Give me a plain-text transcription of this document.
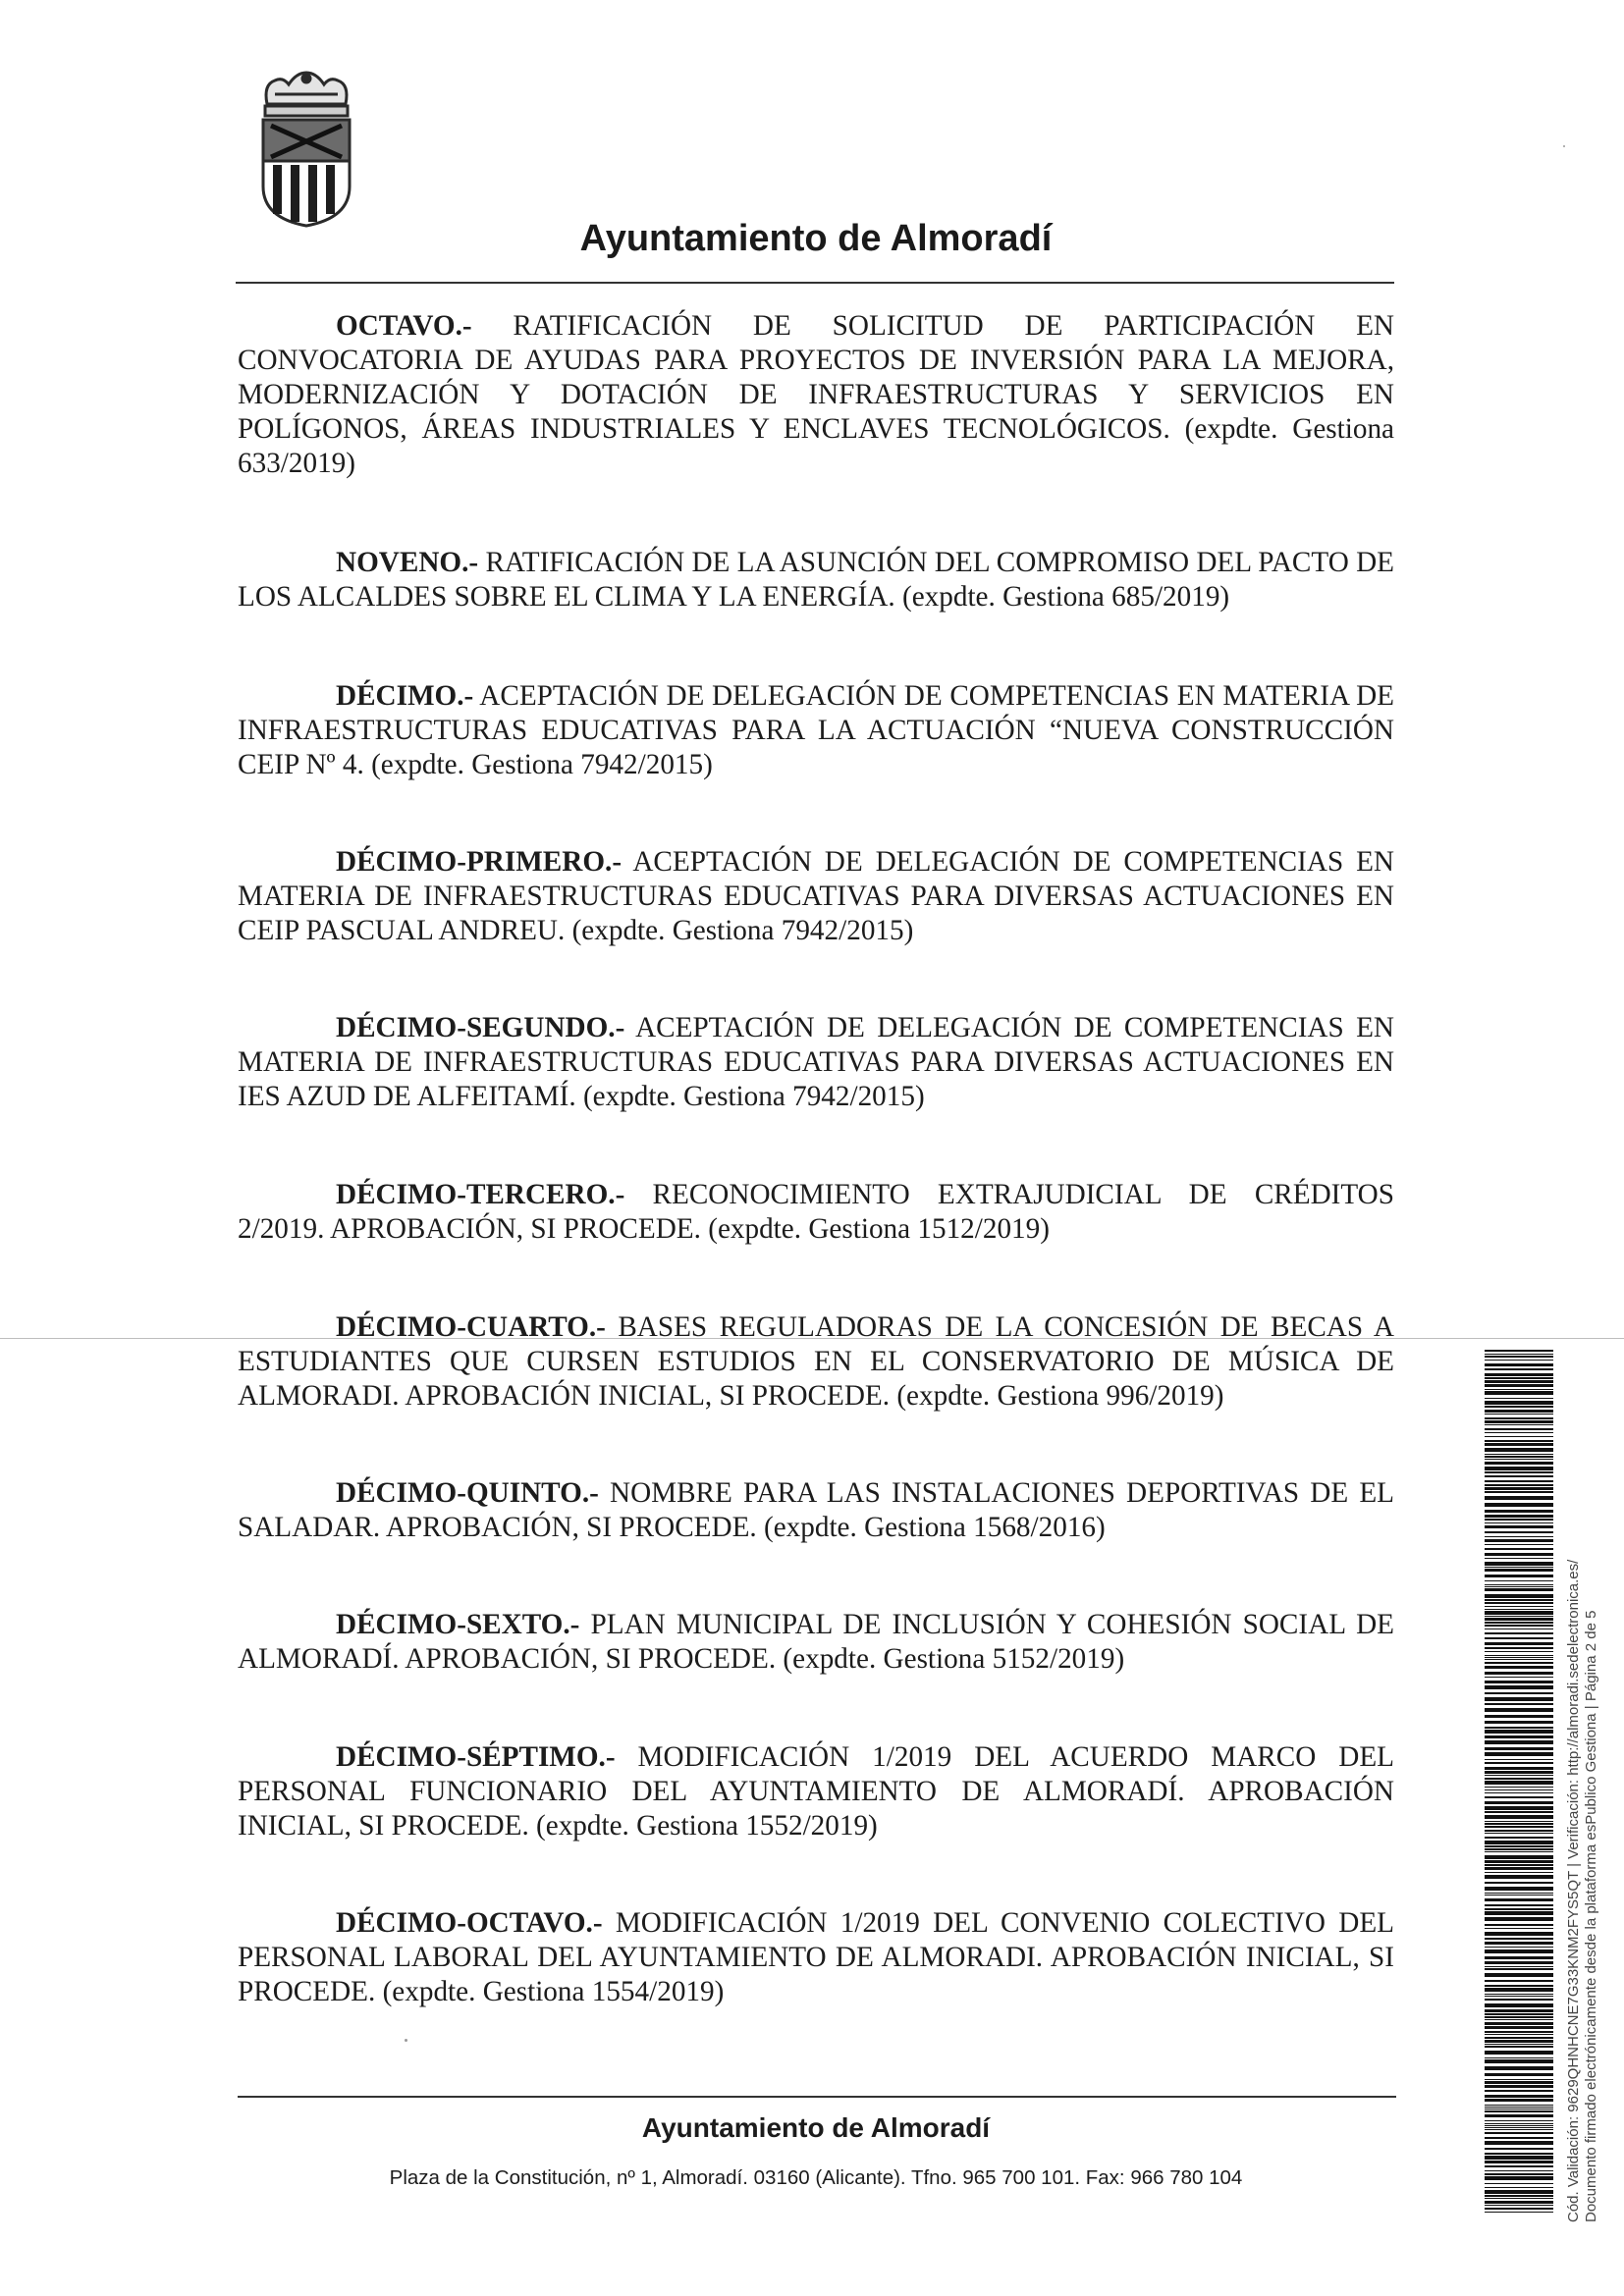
Ayuntamiento de Almoradí

OCTAVO.- RATIFICACIÓN DE SOLICITUD DE PARTICIPACIÓN EN CONVOCATORIA DE AYUDAS PARA PROYECTOS DE INVERSIÓN PARA LA MEJORA, MODERNIZACIÓN Y DOTACIÓN DE INFRAESTRUCTURAS Y SERVICIOS EN POLÍGONOS, ÁREAS INDUSTRIALES Y ENCLAVES TECNOLÓGICOS. (expdte. Gestiona 633/2019)

NOVENO.- RATIFICACIÓN DE LA ASUNCIÓN DEL COMPROMISO DEL PACTO DE LOS ALCALDES SOBRE EL CLIMA Y LA ENERGÍA. (expdte. Gestiona 685/2019)

DÉCIMO.- ACEPTACIÓN DE DELEGACIÓN DE COMPETENCIAS EN MATERIA DE INFRAESTRUCTURAS EDUCATIVAS PARA LA ACTUACIÓN “NUEVA CONSTRUCCIÓN CEIP Nº 4. (expdte. Gestiona 7942/2015)

DÉCIMO-PRIMERO.- ACEPTACIÓN DE DELEGACIÓN DE COMPETENCIAS EN MATERIA DE INFRAESTRUCTURAS EDUCATIVAS PARA DIVERSAS ACTUACIONES EN CEIP PASCUAL ANDREU. (expdte. Gestiona 7942/2015)

DÉCIMO-SEGUNDO.- ACEPTACIÓN DE DELEGACIÓN DE COMPETENCIAS EN MATERIA DE INFRAESTRUCTURAS EDUCATIVAS PARA DIVERSAS ACTUACIONES EN IES AZUD DE ALFEITAMÍ. (expdte. Gestiona 7942/2015)

DÉCIMO-TERCERO.- RECONOCIMIENTO EXTRAJUDICIAL DE CRÉDITOS 2/2019. APROBACIÓN, SI PROCEDE. (expdte. Gestiona 1512/2019)

DÉCIMO-CUARTO.- BASES REGULADORAS DE LA CONCESIÓN DE BECAS A ESTUDIANTES QUE CURSEN ESTUDIOS EN EL CONSERVATORIO DE MÚSICA DE ALMORADI. APROBACIÓN INICIAL, SI PROCEDE. (expdte. Gestiona 996/2019)

DÉCIMO-QUINTO.- NOMBRE PARA LAS INSTALACIONES DEPORTIVAS DE EL SALADAR. APROBACIÓN, SI PROCEDE. (expdte. Gestiona 1568/2016)

DÉCIMO-SEXTO.- PLAN MUNICIPAL DE INCLUSIÓN Y COHESIÓN SOCIAL DE ALMORADÍ. APROBACIÓN, SI PROCEDE. (expdte. Gestiona 5152/2019)

DÉCIMO-SÉPTIMO.- MODIFICACIÓN 1/2019 DEL ACUERDO MARCO DEL PERSONAL FUNCIONARIO DEL AYUNTAMIENTO DE ALMORADÍ. APROBACIÓN INICIAL, SI PROCEDE. (expdte. Gestiona 1552/2019)

DÉCIMO-OCTAVO.- MODIFICACIÓN 1/2019 DEL CONVENIO COLECTIVO DEL PERSONAL LABORAL DEL AYUNTAMIENTO DE ALMORADI. APROBACIÓN INICIAL, SI PROCEDE. (expdte. Gestiona 1554/2019)

Ayuntamiento de Almoradí
Plaza de la Constitución, nº 1, Almoradí. 03160 (Alicante). Tfno. 965 700 101. Fax: 966 780 104	Cód. Validación: 9629QHNHCNE7G33KNM2FYS5QT | Verificación: http://almoradi.sedelectronica.es/ Documento firmado electrónicamente desde la plataforma esPublico Gestiona | Página 2 de 5
